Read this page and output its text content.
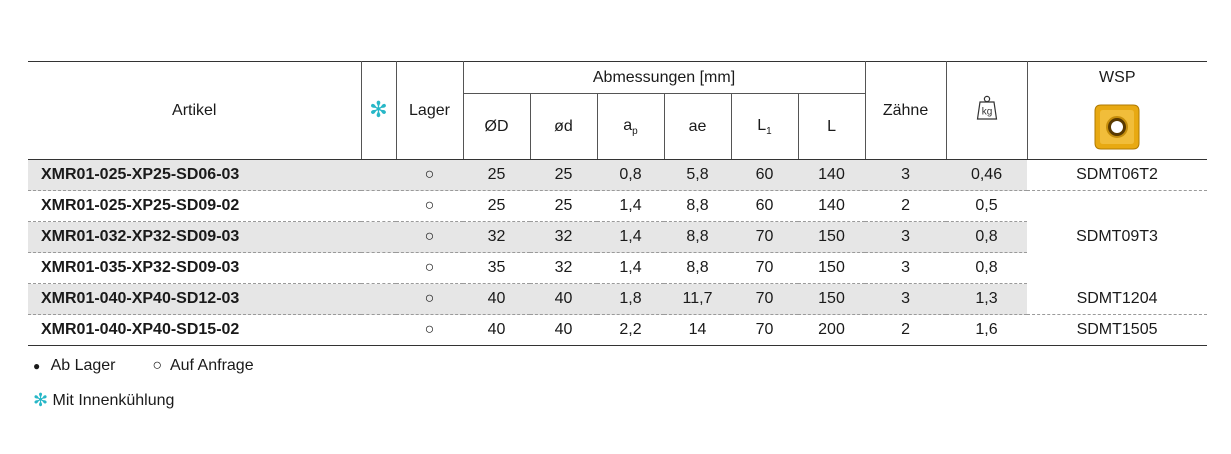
Artikel	✻	Lager	Abmessungen [mm]						Zähne	kg	WSP
			ØD	ød	$a_p$	ae	$L_1$	L	
XMR01-025-XP25-SD06-03		○	25	25	0,8	5,8	60	140	3	0,46	SDMT06T2
XMR01-025-XP25-SD09-02		○	25	25	1,4	8,8	60	140	2	0,5	SDMT09T3
XMR01-032-XP32-SD09-03		○	32	32	1,4	8,8	70	150	3	0,8	
XMR01-035-XP32-SD09-03		○	35	32	1,4	8,8	70	150	3	0,8	
XMR01-040-XP40-SD12-03		○	40	40	1,8	11,7	70	150	3	1,3	SDMT1204
XMR01-040-XP40-SD15-02		○	40	40	2,2	14	70	200	2	1,6	SDMT1505
● Ab Lager ○ Auf Anfrage
✻ Mit Innenkühlung
